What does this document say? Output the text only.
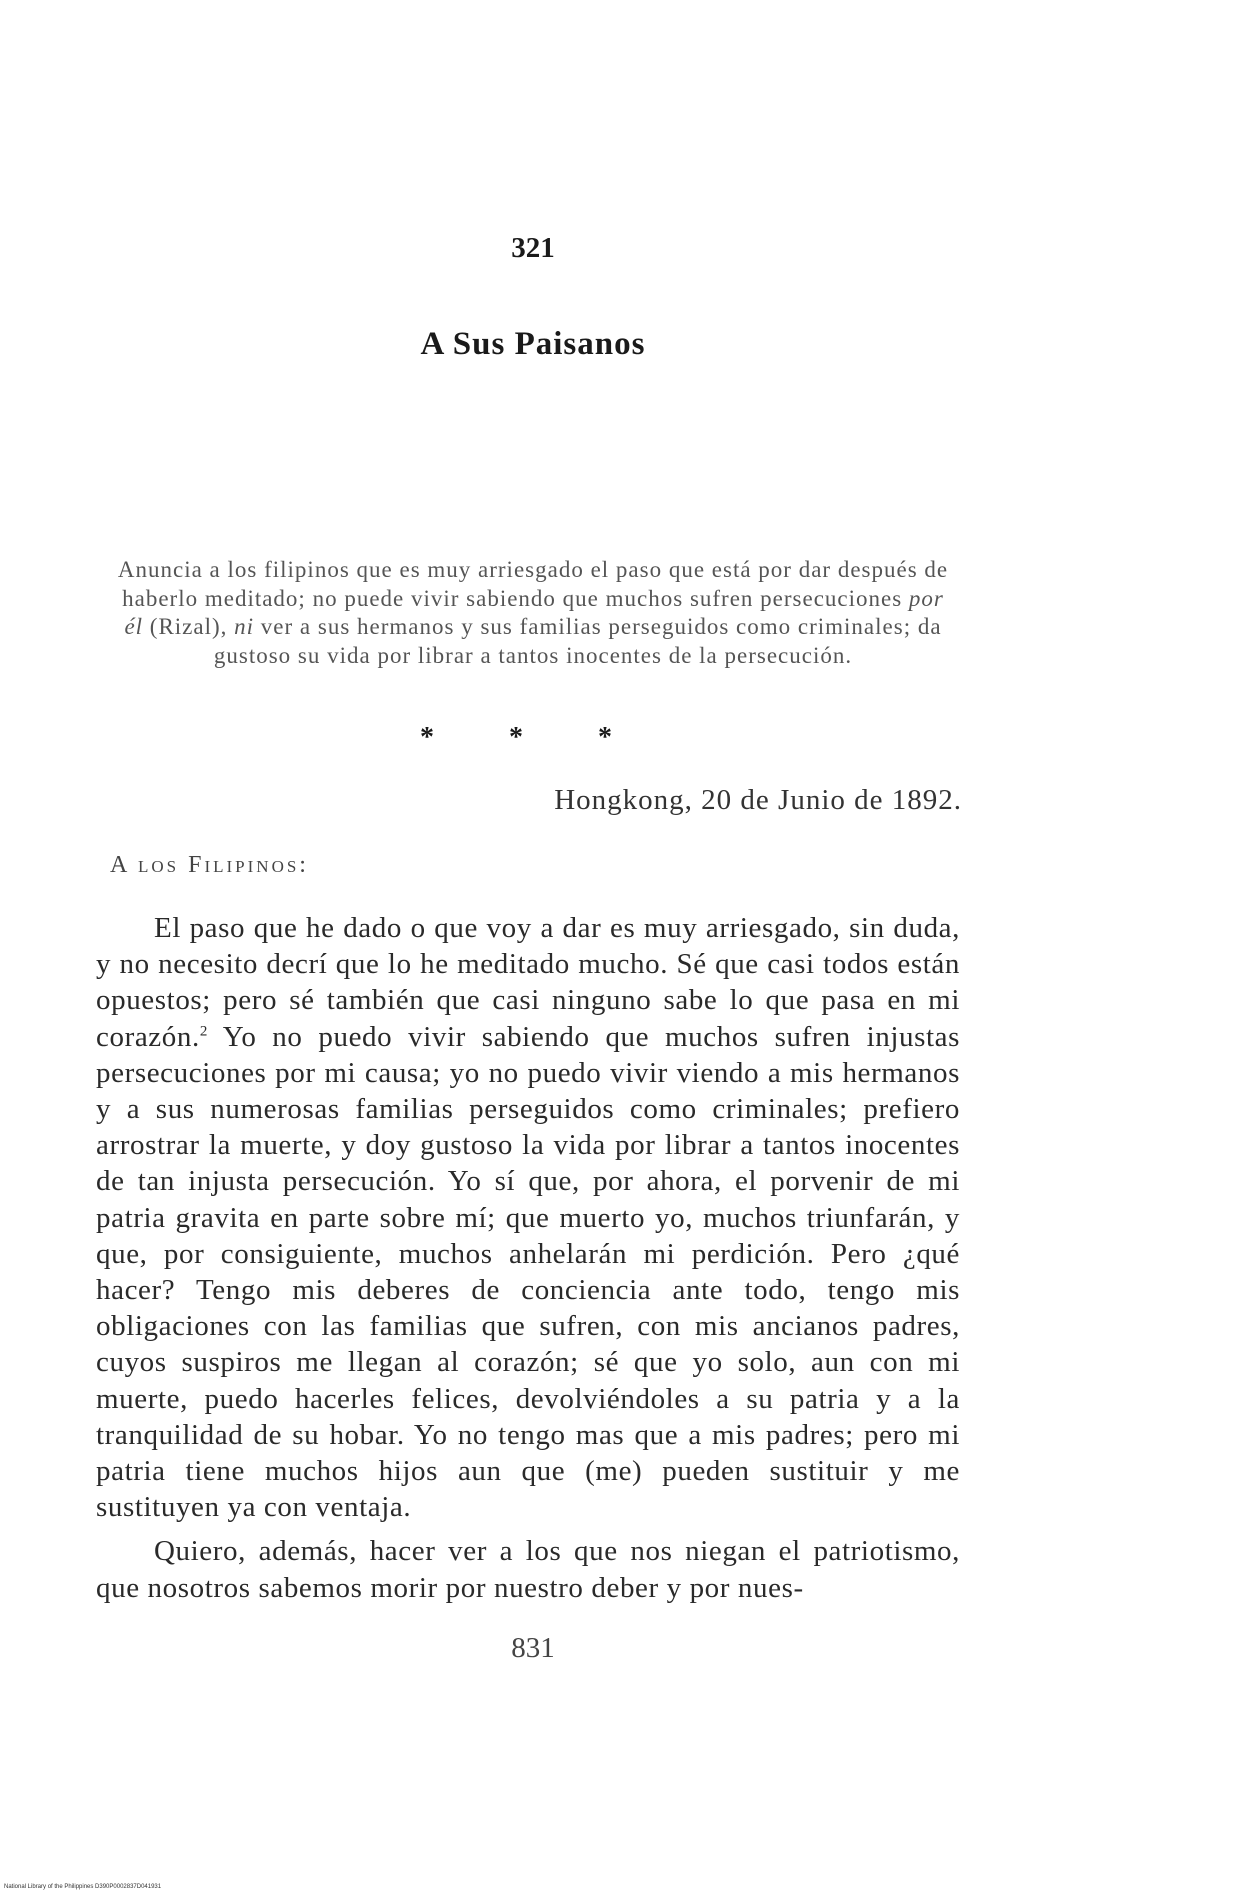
321
A Sus Paisanos
Anuncia a los filipinos que es muy arriesgado el paso que está por dar después de haberlo meditado; no puede vivir sabiendo que muchos sufren persecuciones por él (Rizal), ni ver a sus hermanos y sus familias perseguidos como criminales; da gustoso su vida por librar a tantos inocentes de la persecución.
* * *
Hongkong, 20 de Junio de 1892.
A los Filipinos:

El paso que he dado o que voy a dar es muy arriesgado, sin duda, y no necesito decrí que lo he meditado mucho. Sé que casi todos están opuestos; pero sé también que casi ninguno sabe lo que pasa en mi corazón.$^2$ Yo no puedo vivir sabiendo que muchos sufren injustas persecuciones por mi causa; yo no puedo vivir viendo a mis hermanos y a sus numerosas familias perseguidos como criminales; prefiero arrostrar la muerte, y doy gustoso la vida por librar a tantos inocentes de tan injusta persecución. Yo sí que, por ahora, el porvenir de mi patria gravita en parte sobre mí; que muerto yo, muchos triunfarán, y que, por consiguiente, muchos anhelarán mi perdición. Pero ¿qué hacer? Tengo mis deberes de conciencia ante todo, tengo mis obligaciones con las familias que sufren, con mis ancianos padres, cuyos suspiros me llegan al corazón; sé que yo solo, aun con mi muerte, puedo hacerles felices, devolviéndoles a su patria y a la tranquilidad de su hobar. Yo no tengo mas que a mis padres; pero mi patria tiene muchos hijos aun que (me) pueden sustituir y me sustituyen ya con ventaja.

Quiero, además, hacer ver a los que nos niegan el patriotismo, que nosotros sabemos morir por nuestro deber y por nues-

831
National Library of the Philippines D390P0002837D041931
